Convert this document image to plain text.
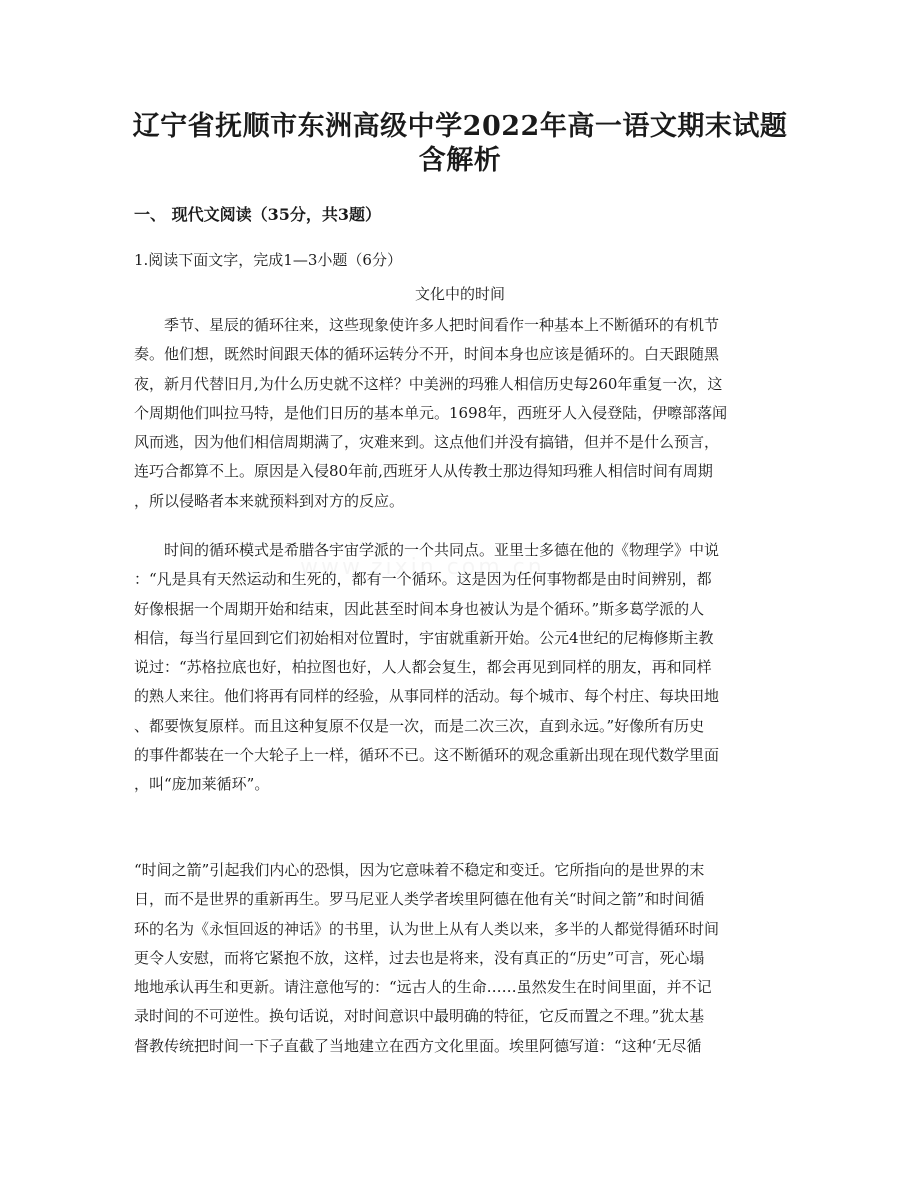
辽宁省抚顺市东洲高级中学2022年高一语文期末试题
含解析
一、 现代文阅读（35分，共3题）
1.阅读下面文字，完成1—3小题（6分）
文化中的时间
季节、星辰的循环往来，这些现象使许多人把时间看作一种基本上不断循环的有机节
奏。他们想，既然时间跟天体的循环运转分不开，时间本身也应该是循环的。白天跟随黑
夜，新月代替旧月,为什么历史就不这样？中美洲的玛雅人相信历史每260年重复一次，这
个周期他们叫拉马特，是他们日历的基本单元。1698年，西班牙人入侵登陆，伊嚓部落闻
风而逃，因为他们相信周期满了，灾难来到。这点他们并没有搞错，但并不是什么预言，
连巧合都算不上。原因是入侵80年前,西班牙人从传教士那边得知玛雅人相信时间有周期
，所以侵略者本来就预料到对方的反应。
时间的循环模式是希腊各宇宙学派的一个共同点。亚里士多德在他的《物理学》中说
：“凡是具有天然运动和生死的，都有一个循环。这是因为任何事物都是由时间辨别，都
好像根据一个周期开始和结束，因此甚至时间本身也被认为是个循环。”斯多葛学派的人
相信，每当行星回到它们初始相对位置时，宇宙就重新开始。公元4世纪的尼梅修斯主教
说过：“苏格拉底也好，柏拉图也好，人人都会复生，都会再见到同样的朋友，再和同样
的熟人来往。他们将再有同样的经验，从事同样的活动。每个城市、每个村庄、每块田地
、都要恢复原样。而且这种复原不仅是一次，而是二次三次，直到永远。”好像所有历史
的事件都装在一个大轮子上一样，循环不已。这不断循环的观念重新出现在现代数学里面
，叫“庞加莱循环”。
“时间之箭”引起我们内心的恐惧，因为它意味着不稳定和变迁。它所指向的是世界的末
日，而不是世界的重新再生。罗马尼亚人类学者埃里阿德在他有关“时间之箭”和时间循
环的名为《永恒回返的神话》的书里，认为世上从有人类以来，多半的人都觉得循环时间
更令人安慰，而将它紧抱不放，这样，过去也是将来，没有真正的“历史”可言，死心塌
地地承认再生和更新。请注意他写的：“远古人的生命……虽然发生在时间里面，并不记
录时间的不可逆性。换句话说，对时间意识中最明确的特征，它反而置之不理。”犹太基
督教传统把时间一下子直截了当地建立在西方文化里面。埃里阿德写道：“这种‘无尽循
